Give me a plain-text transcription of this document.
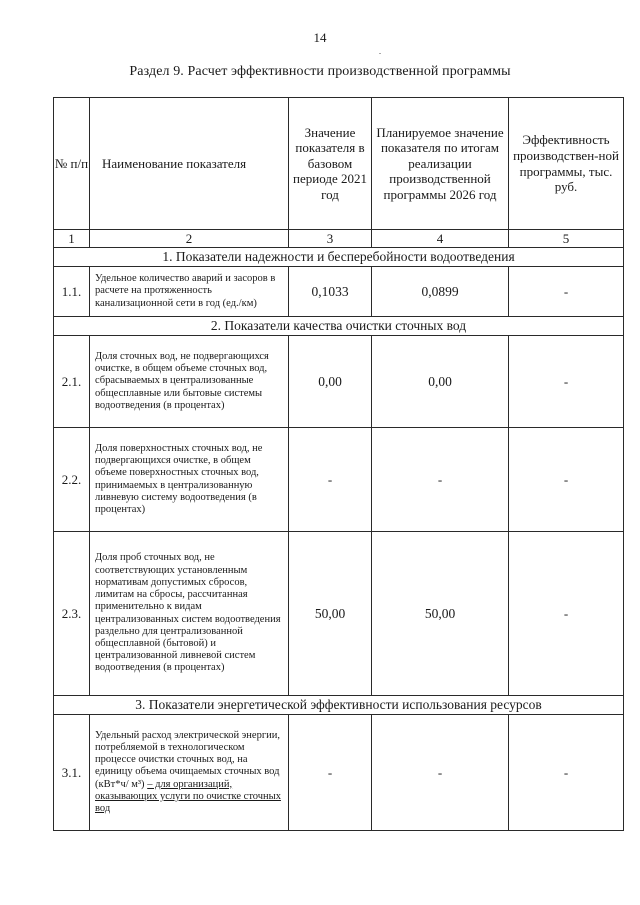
14
.
Раздел 9. Расчет эффективности производственной программы
№ п/п	Наименование показателя	Значение показателя в базовом периоде 2021 год	Планируемое значение показателя по итогам реализации производственной программы 2026 год	Эффективность производствен-ной программы, тыс. руб.
1	2	3	4	5
1. Показатели надежности и бесперебойности водоотведения				
1.1.	Удельное количество аварий и засоров в расчете на протяженность канализационной сети в год (ед./км)	0,1033	0,0899	-
2. Показатели качества очистки сточных вод				
2.1.	Доля сточных вод, не подвергающихся очистке, в общем объеме сточных вод, сбрасываемых в централизованные общесплавные или бытовые системы водоотведения (в процентах)	0,00	0,00	-
2.2.	Доля поверхностных сточных вод, не подвергающихся очистке, в общем объеме поверхностных сточных вод, принимаемых в централизованную ливневую систему водоотведения (в процентах)	-	-	-
2.3.	Доля проб сточных вод, не соответствующих установленным нормативам допустимых сбросов, лимитам на сбросы, рассчитанная применительно к видам централизованных систем водоотведения раздельно для централизованной общесплавной (бытовой) и централизованной ливневой систем водоотведения (в процентах)	50,00	50,00	-
3. Показатели энергетической эффективности использования ресурсов				
3.1.	Удельный расход электрической энергии, потребляемой в технологическом процессе очистки сточных вод, на единицу объема очищаемых сточных вод (кВт*ч/ м³) – для организаций, оказывающих услуги по очистке сточных вод	-	-	-
